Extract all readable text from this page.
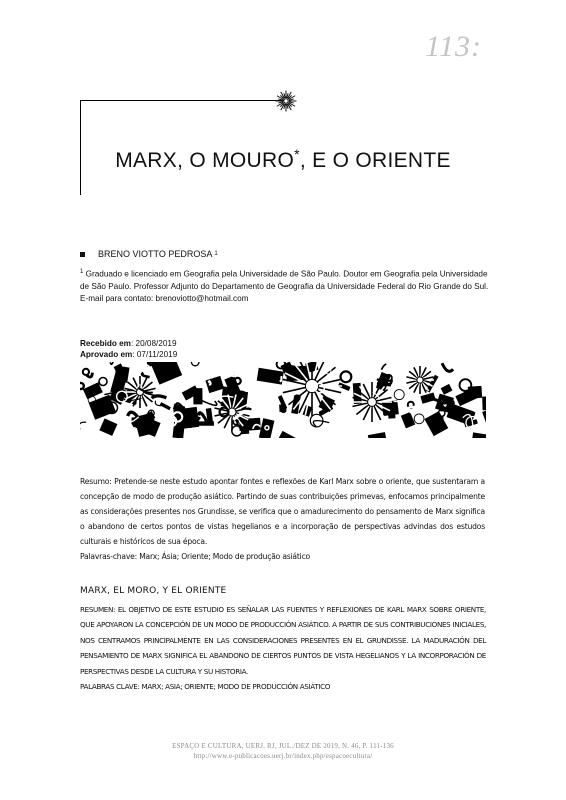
113:
MARX, O MOURO*, E O ORIENTE
BRENO VIOTTO PEDROSA 1
$^1$ Graduado e licenciado em Geografia pela Universidade de São Paulo. Doutor em Geografia pela Universidade de São Paulo. Professor Adjunto do Departamento de Geografia da Universidade Federal do Rio Grande do Sul. E-mail para contato: brenoviotto@hotmail.com
Recebido em: 20/08/2019
Aprovado em: 07/11/2019
Resumo: Pretende-se neste estudo apontar fontes e reflexões de Karl Marx sobre o oriente, que sustentaram a concepção de modo de produção asiático. Partindo de suas contribuições primevas, enfocamos principalmente as considerações presentes nos Grundisse, se verifica que o amadurecimento do pensamento de Marx significa o abandono de certos pontos de vistas hegelianos e a incorporação de perspectivas advindas dos estudos culturais e históricos de sua época.
Palavras-chave: Marx; Ásia; Oriente; Modo de produção asiático
MARX, EL MORO, Y EL ORIENTE
RESUMEN: EL OBJETIVO DE ESTE ESTUDIO ES SEÑALAR LAS FUENTES Y REFLEXIONES DE KARL MARX SOBRE ORIENTE, QUE APOYARON LA CONCEPCIÓN DE UN MODO DE PRODUCCIÓN ASIÁTICO. A PARTIR DE SUS CONTRIBUCIONES INICIALES, NOS CENTRAMOS PRINCIPALMENTE EN LAS CONSIDERACIONES PRESENTES EN EL GRUNDISSE. LA MADURACIÓN DEL PENSAMIENTO DE MARX SIGNIFICA EL ABANDONO DE CIERTOS PUNTOS DE VISTA HEGELIANOS Y LA INCORPORACIÓN DE PERSPECTIVAS DESDE LA CULTURA Y SU HISTORIA.
PALABRAS CLAVE: MARX; ASIA; ORIENTE; MODO DE PRODUCCIÓN ASIÁTICO
ESPAÇO E CULTURA, UERJ, RJ, JUL./DEZ DE 2019, N. 46, P. 111-136
http://www.e-publicacoes.uerj.br/index.php/espacoecultura/
